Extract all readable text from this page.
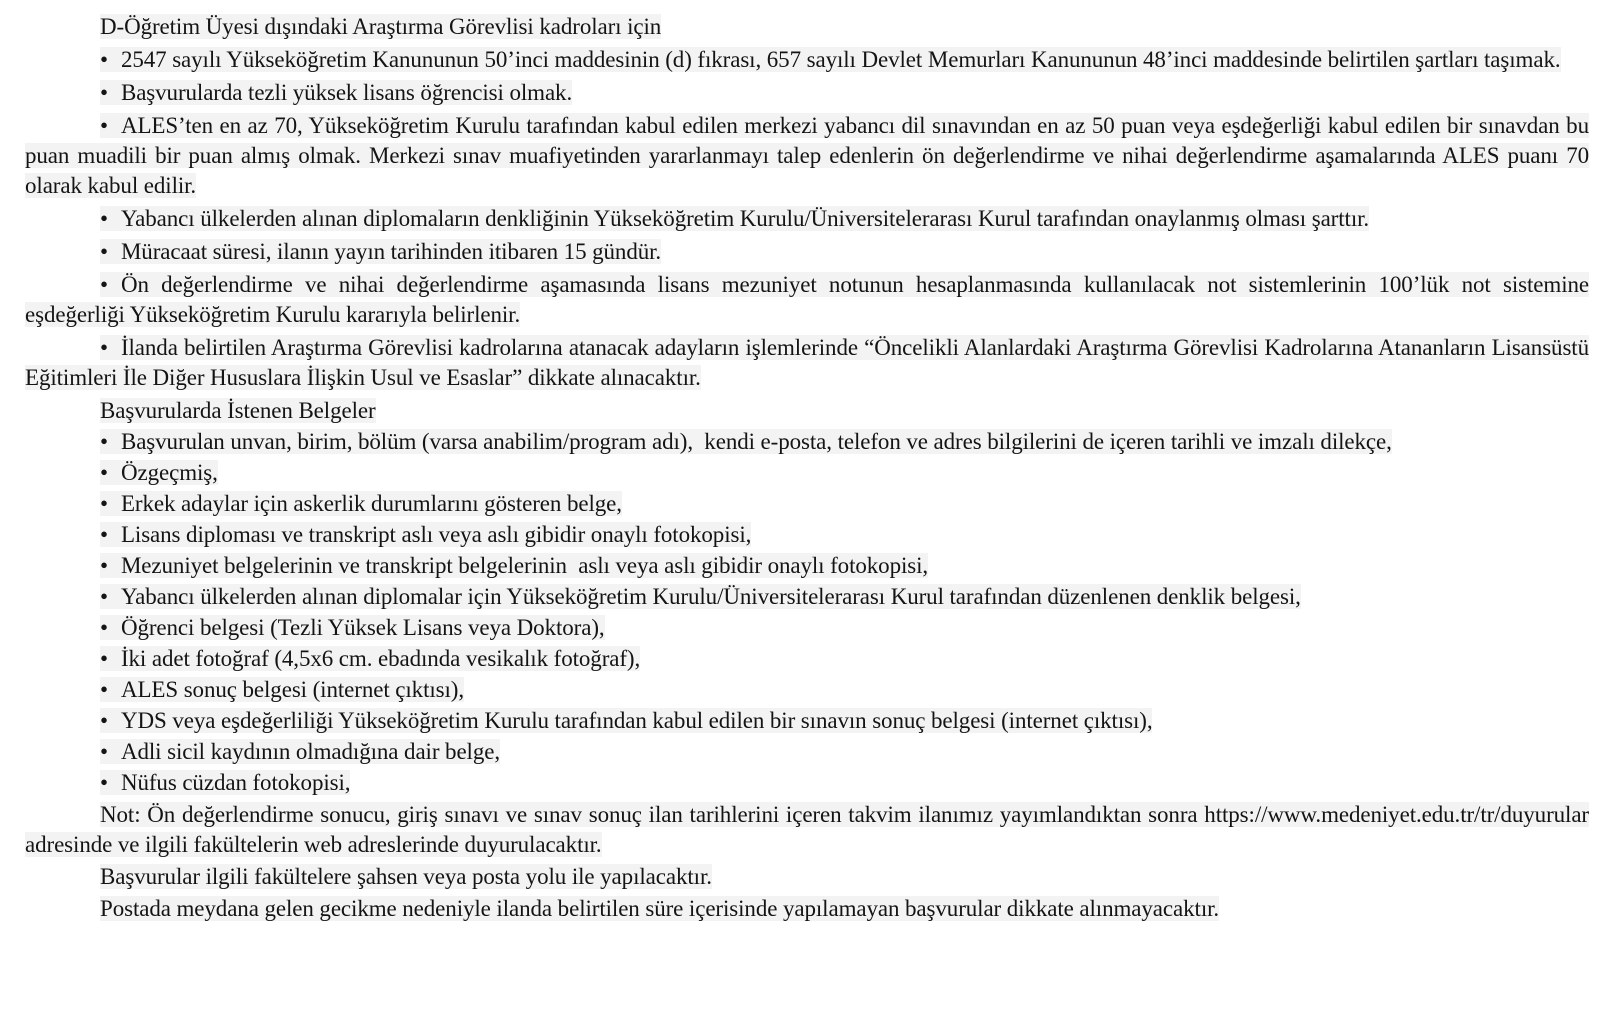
D-Öğretim Üyesi dışındaki Araştırma Görevlisi kadroları için

• 2547 sayılı Yükseköğretim Kanununun 50’inci maddesinin (d) fıkrası, 657 sayılı Devlet Memurları Kanununun 48’inci maddesinde belirtilen şartları taşımak.

• Başvurularda tezli yüksek lisans öğrencisi olmak.

• ALES’ten en az 70, Yükseköğretim Kurulu tarafından kabul edilen merkezi yabancı dil sınavından en az 50 puan veya eşdeğerliği kabul edilen bir sınavdan bu puan muadili bir puan almış olmak. Merkezi sınav muafiyetinden yararlanmayı talep edenlerin ön değerlendirme ve nihai değerlendirme aşamalarında ALES puanı 70 olarak kabul edilir.

• Yabancı ülkelerden alınan diplomaların denkliğinin Yükseköğretim Kurulu/Üniversitelerarası Kurul tarafından onaylanmış olması şarttır.

• Müracaat süresi, ilanın yayın tarihinden itibaren 15 gündür.

• Ön değerlendirme ve nihai değerlendirme aşamasında lisans mezuniyet notunun hesaplanmasında kullanılacak not sistemlerinin 100’lük not sistemine eşdeğerliği Yükseköğretim Kurulu kararıyla belirlenir.

• İlanda belirtilen Araştırma Görevlisi kadrolarına atanacak adayların işlemlerinde “Öncelikli Alanlardaki Araştırma Görevlisi Kadrolarına Atananların Lisansüstü Eğitimleri İle Diğer Hususlara İlişkin Usul ve Esaslar” dikkate alınacaktır.

Başvurularda İstenen Belgeler

• Başvurulan unvan, birim, bölüm (varsa anabilim/program adı),  kendi e-posta, telefon ve adres bilgilerini de içeren tarihli ve imzalı dilekçe,

• Özgeçmiş,

• Erkek adaylar için askerlik durumlarını gösteren belge,

• Lisans diploması ve transkript aslı veya aslı gibidir onaylı fotokopisi,

• Mezuniyet belgelerinin ve transkript belgelerinin  aslı veya aslı gibidir onaylı fotokopisi,

• Yabancı ülkelerden alınan diplomalar için Yükseköğretim Kurulu/Üniversitelerarası Kurul tarafından düzenlenen denklik belgesi,

• Öğrenci belgesi (Tezli Yüksek Lisans veya Doktora),

• İki adet fotoğraf (4,5x6 cm. ebadında vesikalık fotoğraf),

• ALES sonuç belgesi (internet çıktısı),

• YDS veya eşdeğerliliği Yükseköğretim Kurulu tarafından kabul edilen bir sınavın sonuç belgesi (internet çıktısı),

• Adli sicil kaydının olmadığına dair belge,

• Nüfus cüzdan fotokopisi,

Not: Ön değerlendirme sonucu, giriş sınavı ve sınav sonuç ilan tarihlerini içeren takvim ilanımız yayımlandıktan sonra https://www.medeniyet.edu.tr/tr/duyurular adresinde ve ilgili fakültelerin web adreslerinde duyurulacaktır.

Başvurular ilgili fakültelere şahsen veya posta yolu ile yapılacaktır.

Postada meydana gelen gecikme nedeniyle ilanda belirtilen süre içerisinde yapılamayan başvurular dikkate alınmayacaktır.
